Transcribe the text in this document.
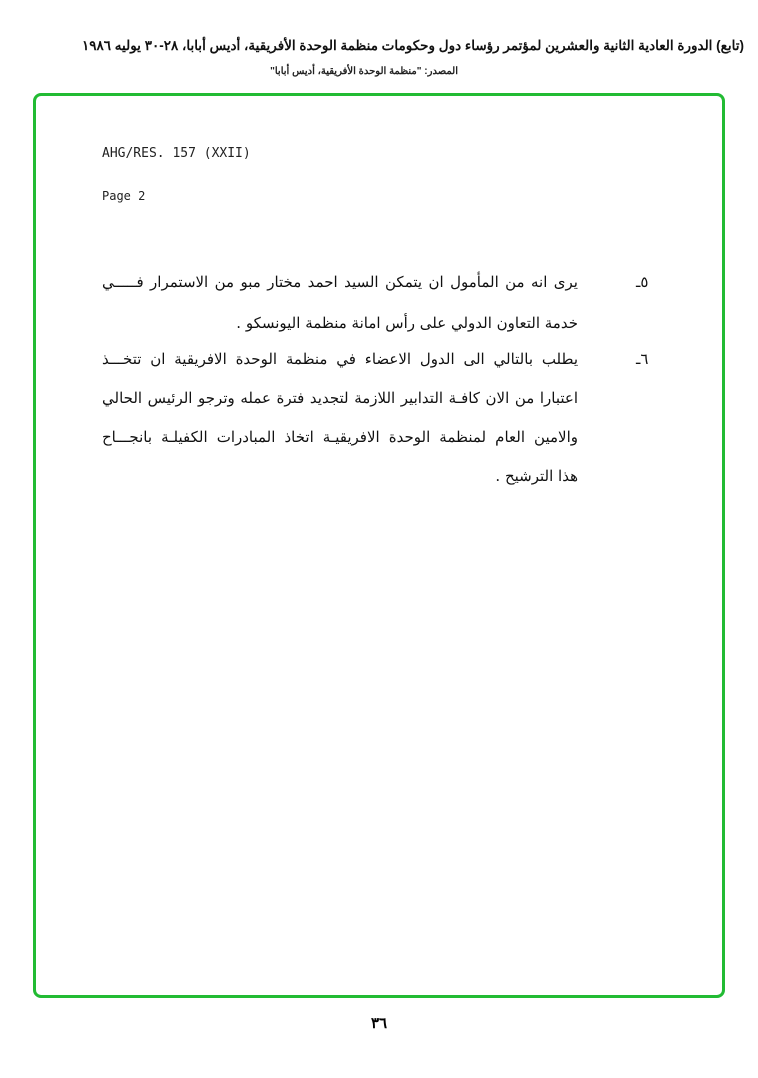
(تابع) الدورة العادية الثانية والعشرين لمؤتمر رؤساء دول وحكومات منظمة الوحدة الأفريقية، أديس أبابا، ٢٨-٣٠ يوليه ١٩٨٦
المصدر: "منظمة الوحدة الأفريقية، أديس أبابا"
AHG/RES. 157 (XXII)
Page 2
٥ـ
يرى انه من المأمول ان يتمكن السيد احمد مختار مبو من الاستمرار فـــــي
خدمة التعاون الدولي على رأس امانة منظمة اليونسكو .
٦ـ
يطلب بالتالي الى الدول الاعضاء في منظمة الوحدة الافريقية ان تتخـــذ
اعتبارا من الان كافـة التدابير اللازمة لتجديد فترة عمله وترجو الرئيس الحالي
والامين العام لمنظمة الوحدة الافريقيـة اتخاذ المبادرات الكفيلـة بانجـــاح
هذا الترشيح .
٣٦
